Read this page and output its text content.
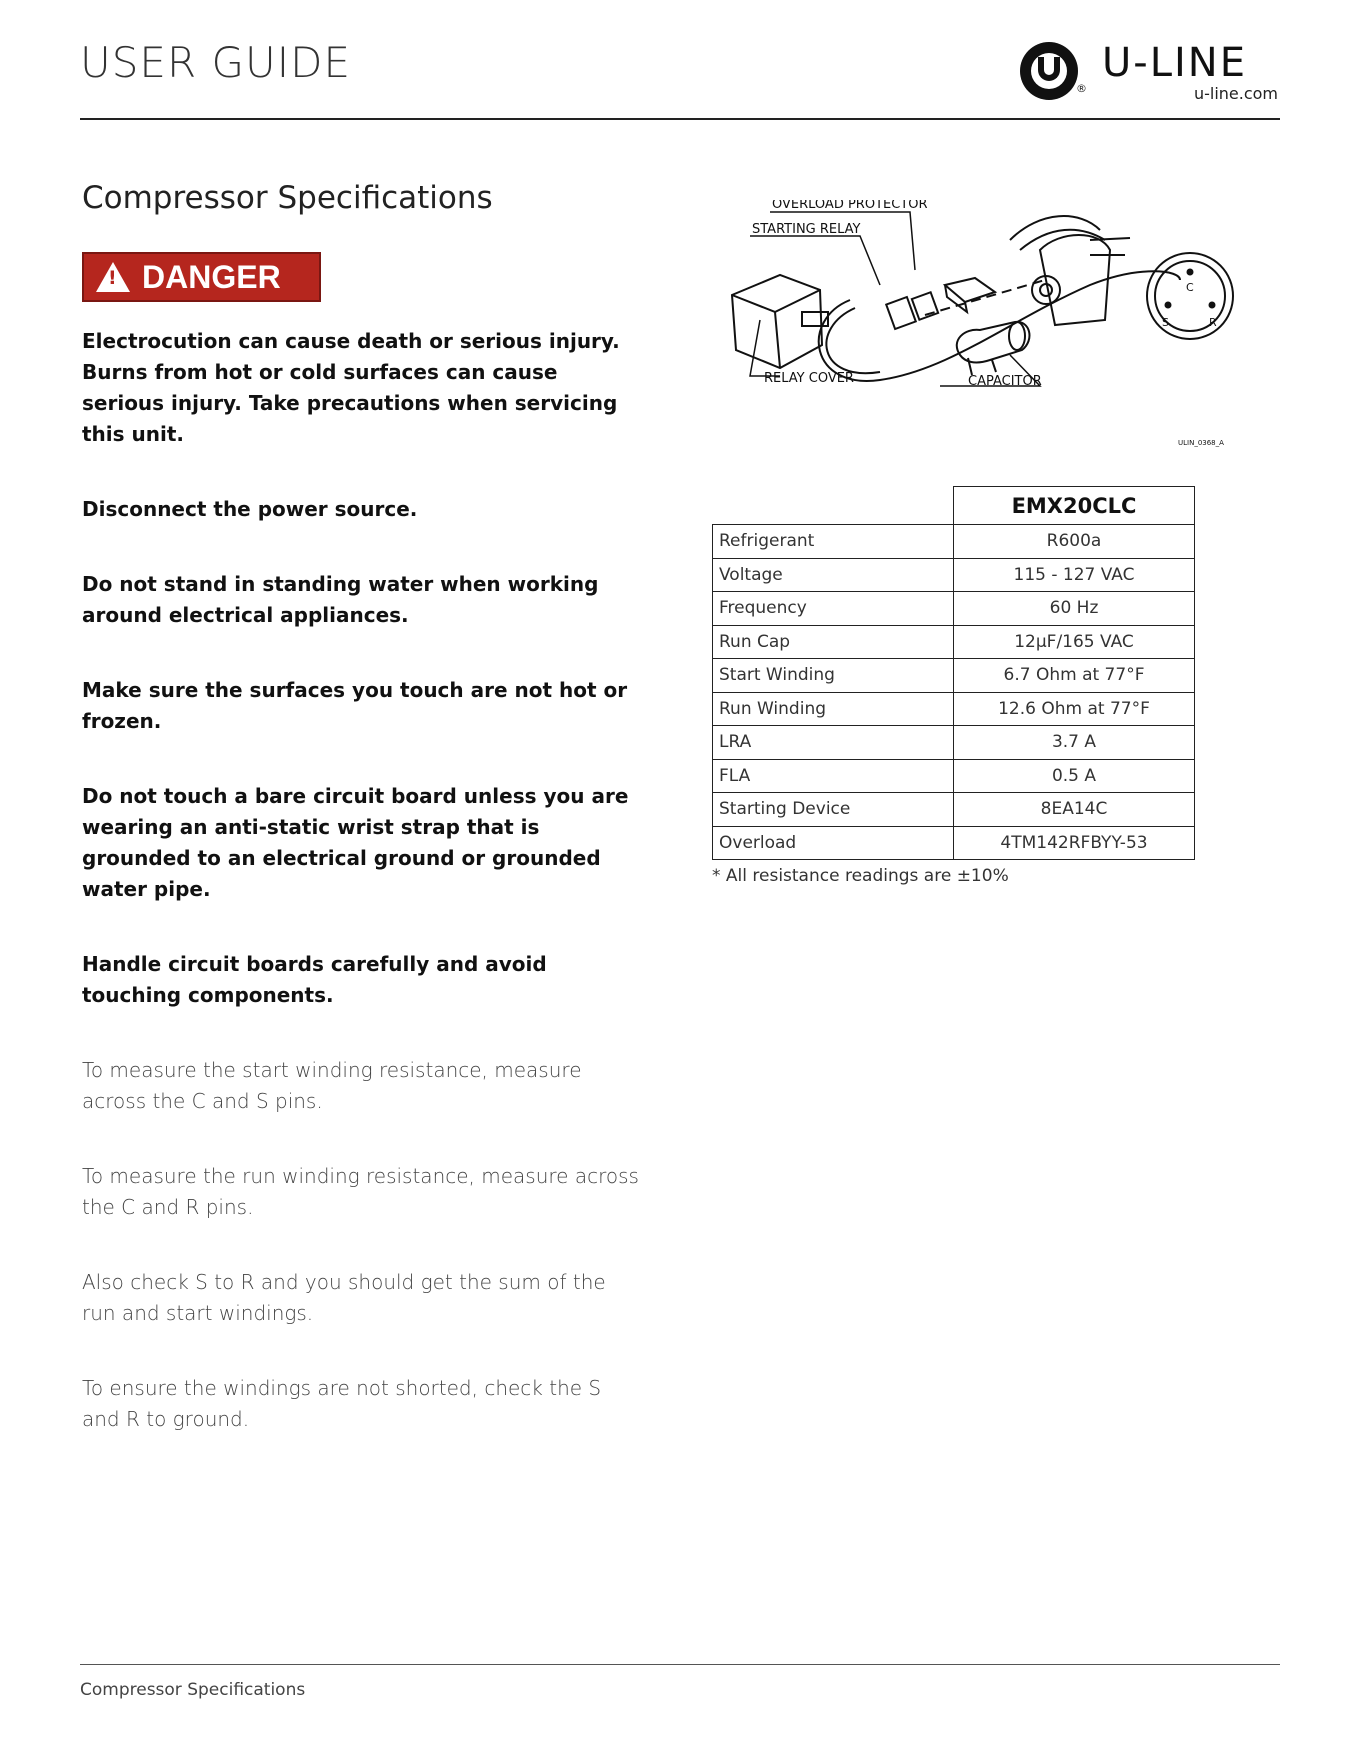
USER GUIDE
®
U-LINE
u-line.com
Compressor Specifications
! DANGER

Electrocution can cause death or serious injury. Burns from hot or cold surfaces can cause serious injury. Take precautions when servicing this unit.

Disconnect the power source.

Do not stand in standing water when working around electrical appliances.

Make sure the surfaces you touch are not hot or frozen.

Do not touch a bare circuit board unless you are wearing an anti-static wrist strap that is grounded to an electrical ground or grounded water pipe.

Handle circuit boards carefully and avoid touching components.

To measure the start winding resistance, measure across the C and S pins.

To measure the run winding resistance, measure across the C and R pins.

Also check S to R and you should get the sum of the run and start windings.

To ensure the windings are not shorted, check the S and R to ground.

OVERLOAD PROTECTOR
STARTING RELAY
RELAY COVER	CAPACITOR
C
S	R
ULIN_0368_A
	EMX20CLC
Refrigerant	R600a
Voltage	115 - 127 VAC
Frequency	60 Hz
Run Cap	12µF/165 VAC
Start Winding	6.7 Ohm at 77°F
Run Winding	12.6 Ohm at 77°F
LRA	3.7 A
FLA	0.5 A
Starting Device	8EA14C
Overload	4TM142RFBYY-53
* All resistance readings are ±10%
Compressor Specifications
